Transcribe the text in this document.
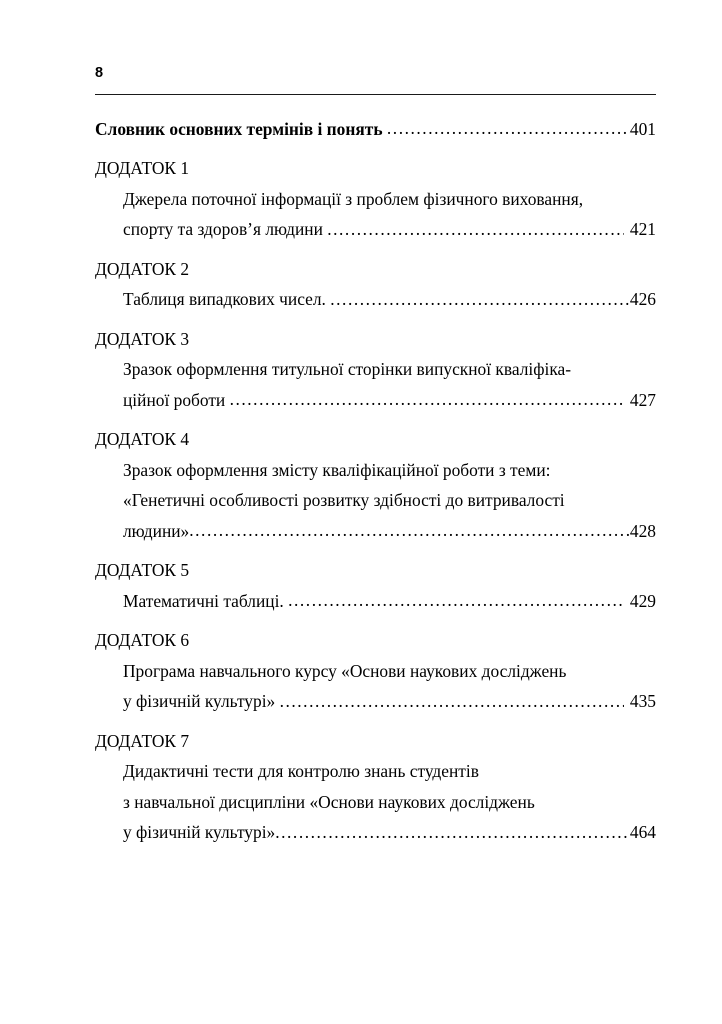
8
Словник основних термінів і понять .....	401
ДОДАТОК 1
Джерела поточної інформації з проблем фізичного виховання,
спорту та здоров’я людини .....	421
ДОДАТОК 2
Таблиця випадкових чисел. .....	426
ДОДАТОК 3
Зразок оформлення титульної сторінки випускної кваліфіка-
ційної роботи .....	427
ДОДАТОК 4
Зразок оформлення змісту кваліфікаційної роботи з теми:
«Генетичні особливості розвитку здібності до витривалості
людини» .....	428
ДОДАТОК 5
Математичні таблиці. .....	429
ДОДАТОК 6
Програма навчального курсу «Основи наукових досліджень
у фізичній культурі» .....	435
ДОДАТОК 7
Дидактичні тести для контролю знань студентів
з навчальної дисципліни «Основи наукових досліджень
у фізичній культурі» .....	464
